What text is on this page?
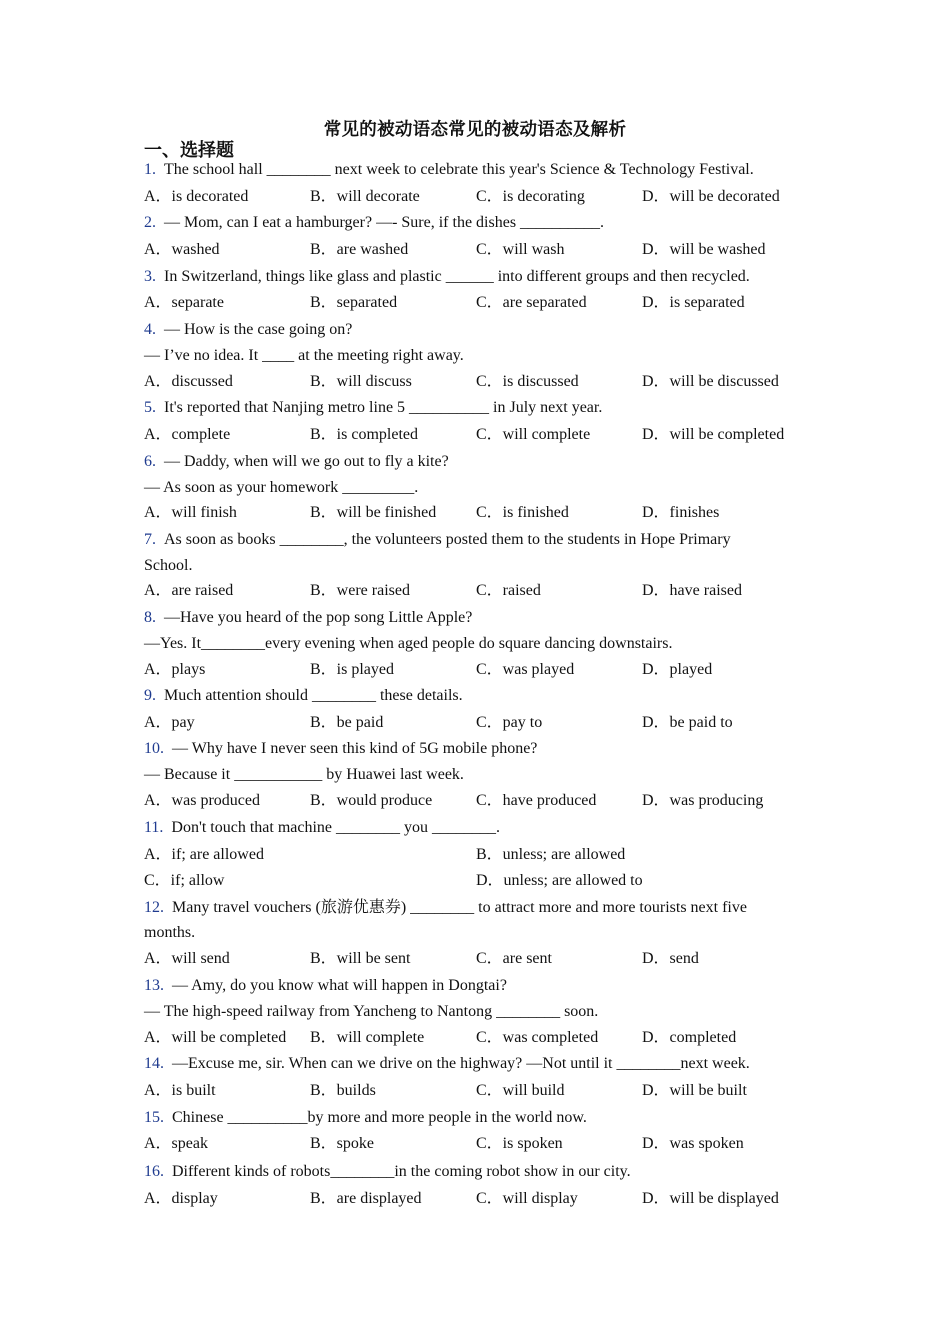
常见的被动语态常见的被动语态及解析
一、选择题
1. The school hall ________ next week to celebrate this year's Science & Technology Festival.
A．is decorated	B．will decorate	C．is decorating	D．will be decorated
2. — Mom, can I eat a hamburger? —- Sure, if the dishes __________.
A．washed	B．are washed	C．will wash	D．will be washed
3. In Switzerland, things like glass and plastic ______ into different groups and then recycled.
A．separate	B．separated	C．are separated	D．is separated
4. — How is the case going on?
— I’ve no idea. It ____ at the meeting right away.
A．discussed	B．will discuss	C．is discussed	D．will be discussed
5. It's reported that Nanjing metro line 5 __________ in July next year.
A．complete	B．is completed	C．will complete	D．will be completed
6. — Daddy, when will we go out to fly a kite?
— As soon as your homework _________.
A．will finish	B．will be finished C．is finished	D．finishes
7. As soon as books ________, the volunteers posted them to the students in Hope Primary
School.
A．are raised	B．were raised	C．raised	D．have raised
8. —Have you heard of the pop song Little Apple?
—Yes. It________every evening when aged people do square dancing downstairs.
A．plays	B．is played	C．was played	D．played
9. Much attention should ________ these details.
A．pay	B．be paid	C．pay to	D．be paid to
10. — Why have I never seen this kind of 5G mobile phone?
— Because it ___________ by Huawei last week.
A．was produced	B．would produce	C．have produced	D．was producing
11. Don't touch that machine ________ you ________.
A．if; are allowed	B．unless; are allowed
C．if; allow	D．unless; are allowed to
12. Many travel vouchers (旅游优惠券) ________ to attract more and more tourists next five
months.
A．will send	B．will be sent	C．are sent	D．send
13. — Amy, do you know what will happen in Dongtai?
— The high-speed railway from Yancheng to Nantong ________ soon.
A．will be completed B．will complete	C．was completed	D．completed
14. —Excuse me, sir. When can we drive on the highway? —Not until it ________next week.
A．is built	B．builds	C．will build	D．will be built
15. Chinese __________by more and more people in the world now.
A．speak	B．spoke	C．is spoken	D．was spoken
16. Different kinds of robots________in the coming robot show in our city.
A．display	B．are displayed	C．will display	D．will be displayed
